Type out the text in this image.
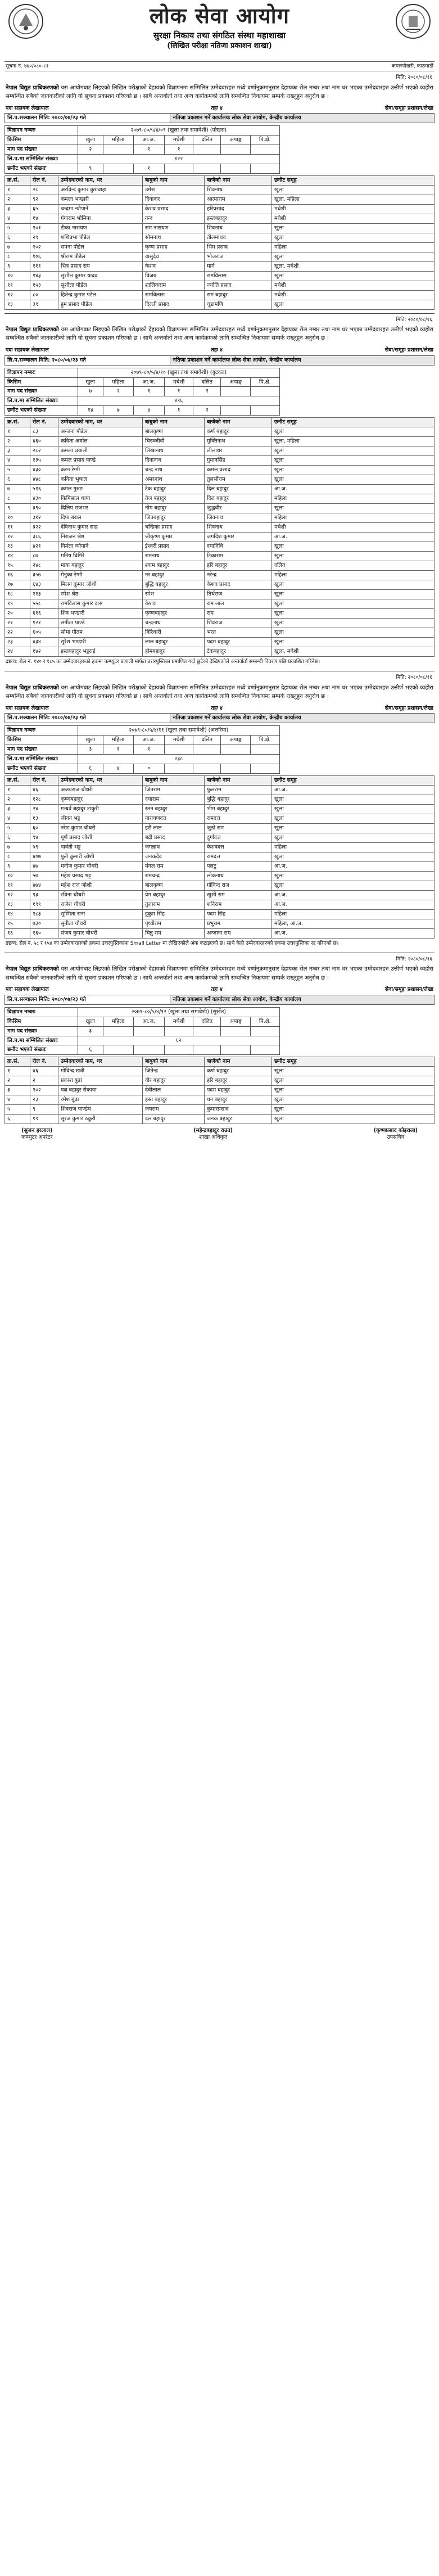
लोक सेवा आयोग
सुरक्षा निकाय तथा संगठित संस्था महाशाखा
(लिखित परीक्षा नतिजा प्रकाशन शाखा)
सूचना नं. ४७०/०८०-८१	कमलपोखरी, काठमाडौं
मिति: २०८०/०८/१६
नेपाल विद्युत प्राधिकरणको यस आयोगबाट लिइएको लिखित परीक्षाको देहायको विज्ञापनमा सम्मिलित उम्मेदवारहरु मध्ये वर्णानुक्रमानुसार देहायका रोल नम्बर तथा नाम थर भएका उम्मेदवारहरु उत्तीर्ण भएको व्यहोरा सम्बन्धित सबैको जानकारीको लागि यो सूचना प्रकाशन गरिएको छ । साथै अन्तर्वार्ता तथा अन्य कार्यक्रमको लागि सम्बन्धित निकायमा सम्पर्क राख्नुहुन अनुरोध छ ।
पदः सहायक लेखापाल	तहः ४	सेवा/समूहः प्रशासन/लेखा
लि.प.सञ्चालन मिति: २०८०/०७/२३ गते	नतिजा प्रकाशन गर्ने कार्यालयः लोक सेवा आयोग, केन्द्रीय कार्यालय
विज्ञापन नम्बरः	२०७९-८०/५/४/०९ (खुला तथा समावेशी) (पोखरा)						
किसिम	खुला	महिला	आ.ज.	मधेशी	दलित	अपाङ्ग	पि.क्षे.
माग पद संख्याः	२		१	१			
लि.प.मा सम्मिलित संख्याः	१२२						
छनौट भएको संख्याः	९		१				
क्र.सं.	रोल नं.	उम्मेदवारको नाम, थर	बाबुको नाम	बाजेको नाम	छनौट समूह
१	२८	अरविन्द कुमार कुशवाहा	उमेश	शिवनाथ	खुला
२	९२	कमला भण्डारी	दिवाकर	आत्माराम	खुला, महिला
३	६५	चन्द्रमा न्यौपाने	केशव प्रसाद	हरिप्रसाद	मधेशी
४	१४	गंगाराम भोमिपा	नन्द	हस्तबहादुर	मधेशी
५	१०१	टीका नारायण	राम नारायण	शिवनाथ	खुला
६	२९	शशिप्रभा पौडेल	सोमनाथ	तीलमाधव	खुला
७	२०२	सपना पौडेल	कृष्ण प्रसाद	भिम प्रसाद	महिला
८	१०६	श्रीराम पौडेल	वासुदेव	भोजराज	खुला
९	१११	भित्र प्रसाद राय	केशव	मार्ग	खुला, मधेशी
१०	१४३	सुशील कुमार यादव	विजय	रामविलास	खुला
११	१५३	सुशीला पौडेल	शालिकराम	ज्योति प्रसाद	मधेशी
१२	८०	हितेन्द्र कुमार पटेल	रामविलास	राम बहादुर	मधेशी
१३	३९	हुम प्रसाद पौडेल	दिल्ली प्रसाद	चूडामणि	खुला
मिति: २०८०/०८/१६
नेपाल विद्युत प्राधिकरणको यस आयोगबाट लिइएको लिखित परीक्षाको देहायको विज्ञापनमा सम्मिलित उम्मेदवारहरु मध्ये वर्णानुक्रमानुसार देहायका रोल नम्बर तथा नाम थर भएका उम्मेदवारहरु उत्तीर्ण भएको व्यहोरा सम्बन्धित सबैको जानकारीको लागि यो सूचना प्रकाशन गरिएको छ । साथै अन्तर्वार्ता तथा अन्य कार्यक्रमको लागि सम्बन्धित निकायमा सम्पर्क राख्नुहुन अनुरोध छ ।
पदः सहायक लेखापाल	तहः ४	सेवा/समूहः प्रशासन/लेखा
लि.प.सञ्चालन मिति: २०८०/०७/२३ गते	नतिजा प्रकाशन गर्ने कार्यालयः लोक सेवा आयोग, केन्द्रीय कार्यालय
विज्ञापन नम्बरः	२०७९-८०/५/४/१० (खुला तथा समावेशी) (बुटवल)						
किसिम	खुला	महिला	आ.ज.	मधेशी	दलित	अपाङ्ग	पि.क्षे.
माग पद संख्याः	७	२	१	१	१		
लि.प.मा सम्मिलित संख्याः	४९६						
छनौट भएको संख्याः	१४	७	४	१	२		
क्र.सं.	रोल नं.	उम्मेदवारको नाम, थर	बाबुको नाम	बाजेको नाम	छनौट समूह
१	८३	अन्जना पौडेल	बालकृष्ण	कर्ण बहादुर	खुला
२	४६०	कविता अर्याल	चिरञ्जीवी	मुक्तिनाथ	खुला, महिला
३	२८२	कमला ज्ञवाली	लिखानाथ	लीलाधर	खुला
४	१३५	कमल प्रसाद पाण्डे	दिनानाथ	गुमानसिंह	खुला
५	४३०	करन रेग्मी	चन्द्र नाथ	कमल प्रसाद	खुला
६	४४८	कविता भुषाल	अमरनाथ	तुलसीराम	खुला
७	५१६	कमल गुरुङ	टेक बहादुर	दिल बहादुर	आ.ज.
८	४३०	किपिसाल थापा	तेज बहादुर	दिल बहादुर	महिला
९	३९०	दिलिप राजभर	नीम बहादुर	जुद्धवीर	खुला
१०	३१२	दिपा बराल	जितबहादुर	जिवनाथ	महिला
११	३२२	देविनाथ कुमार साह	चन्द्रिका प्रसाद	शिवनाथ	मधेशी
१२	३८६	निराजन श्रेष्ठ	श्रीकृष्ण कुमार	जगदिश कुमार	आ.ज.
१३	४२१	निर्मला न्यौपाने	ईश्वरी प्रसाद	दयानिधि	खुला
१४	८७	मनिष घिमिरे	रामनाथ	टिकाराम	खुला
१५	२४८	माया बहादुर	श्याम बहादुर	हरि बहादुर	दलित
१६	३५७	मेनुका रेग्मी	नर बहादुर	नरेन्द्र	महिला
१७	६४३	मिलन कुमार जोशी	बुद्धि बहादुर	केशव प्रसाद	खुला
१८	११३	रमेश श्रेष्ठ	रमेश	तिर्थराज	खुला
१९	५५८	रामविलास कुमार दास	केशव	राम लाल	खुला
२०	६१६	शिव भण्डारी	कृष्णबहादुर	राम	खुला
२१	१२१	संगीता पाण्डे	चन्द्रनाथ	शिवराज	खुला
२२	६०५	सोमा गौतम	गिरिधारी	भरत	खुला
२३	४३४	सुरेश भण्डारी	लाल बहादुर	पदम बहादुर	खुला
२४	१४२	हस्तबहादुर भट्टराई	होमबहादुर	टेकबहादुर	खुला, मधेशी
द्रष्टव्य: रोल नं. १४० र १८५ का उम्मेदवारहरुको हकमा कम्प्युटर प्रणाली मार्फत उत्तरपुस्तिका प्रमाणित गर्दा छुटेको देखिएकोले अन्तर्वार्ता सम्बन्धी विवरण पछि प्रकाशित गरिनेछ।
मिति: २०८०/०८/१६
नेपाल विद्युत प्राधिकरणको यस आयोगबाट लिइएको लिखित परीक्षाको देहायको विज्ञापनमा सम्मिलित उम्मेदवारहरु मध्ये वर्णानुक्रमानुसार देहायका रोल नम्बर तथा नाम थर भएका उम्मेदवारहरु उत्तीर्ण भएको व्यहोरा सम्बन्धित सबैको जानकारीको लागि यो सूचना प्रकाशन गरिएको छ । साथै अन्तर्वार्ता तथा अन्य कार्यक्रमको लागि सम्बन्धित निकायमा सम्पर्क राख्नुहुन अनुरोध छ ।
पदः सहायक लेखापाल	तहः ४	सेवा/समूहः प्रशासन/लेखा
लि.प.सञ्चालन मिति: २०८०/०७/२३ गते	नतिजा प्रकाशन गर्ने कार्यालयः लोक सेवा आयोग, केन्द्रीय कार्यालय
विज्ञापन नम्बरः	२०७९-८०/५/४/११ (खुला तथा समावेशी) (अत्तरिया)						
किसिम	खुला	महिला	आ.ज.	मधेशी	दलित	अपाङ्ग	पि.क्षे.
माग पद संख्याः	३	१	१				
लि.प.मा सम्मिलित संख्याः	२३८						
छनौट भएको संख्याः	६	४	०				
क्र.सं.	रोल नं.	उम्मेदवारको नाम, थर	बाबुको नाम	बाजेको नाम	छनौट समूह
१	४६	अजयराज चौधरी	जितराम	फुलराम	आ.ज.
२	१२८	कृष्णबहादुर	दयाराम	बुद्धि बहादुर	खुला
३	२४	गन्धर्व बहादुर टाकुरी	रतन बहादुर	भीम बहादुर	खुला
४	१३	जीवन भट्ट	नारायणदत्त	रामदत्त	खुला
५	६०	नरेश कुमार चौधरी	हरी लाल	जुठो राम	खुला
६	९४	पूर्ण प्रसाद जोशी	बद्री प्रसाद	दुर्गादत्त	खुला
७	५९	पार्वती भट्ट	जगन्नाथ	केशवदत्त	महिला
८	४०७	पुन्नी कुमारी जोशी	जनकदेव	रामदत्त	खुला
९	४७	मनोज कुमार चौधरी	मंगल राम	पलटु	आ.ज.
१०	५७	महेश प्रसाद भट्ट	रामचन्द्र	लोकनाथ	खुला
११	४७४	महेश राज जोशी	बालकृष्ण	गोविन्द राज	खुला
१२	९३	रविना चौधरी	प्रेम बहादुर	खुशी राम	आ.ज.
१३	१९९	राजेश चौधरी	तुलाराम	शनिराम	आ.ज.
१४	१८३	सुस्मिता राना	हुकुम सिंह	पदम सिंह	महिला
१५	७३०	सुनीता चौधरी	पृथ्वीराम	प्रभुराम	महिला, आ.ज.
१६	१६०	संजय कुमार चौधरी	चिन्नु राम	अन्जाना राम	आ.ज.
द्रष्टव्य: रोल नं. ५८ र १५४ का उम्मेदवारहरुको हकमा उत्तरपुस्तिकामा Small Letter मा लेखिएकोले अंक कटाइएको छ। साथै केही उम्मेदवारहरुको हकमा उत्तरपुस्तिका रद्द गरिएको छ।
मिति: २०८०/०८/१६
नेपाल विद्युत प्राधिकरणको यस आयोगबाट लिइएको लिखित परीक्षाको देहायको विज्ञापनमा सम्मिलित उम्मेदवारहरु मध्ये वर्णानुक्रमानुसार देहायका रोल नम्बर तथा नाम थर भएका उम्मेदवारहरु उत्तीर्ण भएको व्यहोरा सम्बन्धित सबैको जानकारीको लागि यो सूचना प्रकाशन गरिएको छ । साथै अन्तर्वार्ता तथा अन्य कार्यक्रमको लागि सम्बन्धित निकायमा सम्पर्क राख्नुहुन अनुरोध छ ।
पदः सहायक लेखापाल	तहः ४	सेवा/समूहः प्रशासन/लेखा
लि.प.सञ्चालन मिति: २०८०/०७/२३ गते	नतिजा प्रकाशन गर्ने कार्यालयः लोक सेवा आयोग, केन्द्रीय कार्यालय
विज्ञापन नम्बरः	२०७९-८०/५/४/१२ (खुला तथा समावेशी) (सुर्खेत)						
किसिम	खुला	महिला	आ.ज.	मधेशी	दलित	अपाङ्ग	पि.क्षे.
माग पद संख्याः	३						
लि.प.मा सम्मिलित संख्याः	६२						
छनौट भएको संख्याः	६						
क्र.सं.	रोल नं.	उम्मेदवारको नाम, थर	बाबुको नाम	बाजेको नाम	छनौट समूह
१	४६	गोविन्द खत्री	जितेन्द्र	कर्ण बहादुर	खुला
२	२	प्रकाश बुढा	वीर बहादुर	हरि बहादुर	खुला
३	१०२	यज्ञ बहादुर रोकाया	देवीलाल	पदम बहादुर	खुला
४	२३	रमेश बुढा	हस्त बहादुर	धन बहादुर	खुला
५	९	शिवराज पाण्डेय	जयराम	कुमारप्रसाद	खुला
६	१९	सुरज कुमार ठकुरी	दल बहादुर	जनक बहादुर	खुला
(सुजन हरलाल)
कम्प्युटर अपरेटर
(महेन्द्रबहादुर राउत)
शाखा अधिकृत
(कृष्णप्रसाद कोइराला)
उपसचिव
